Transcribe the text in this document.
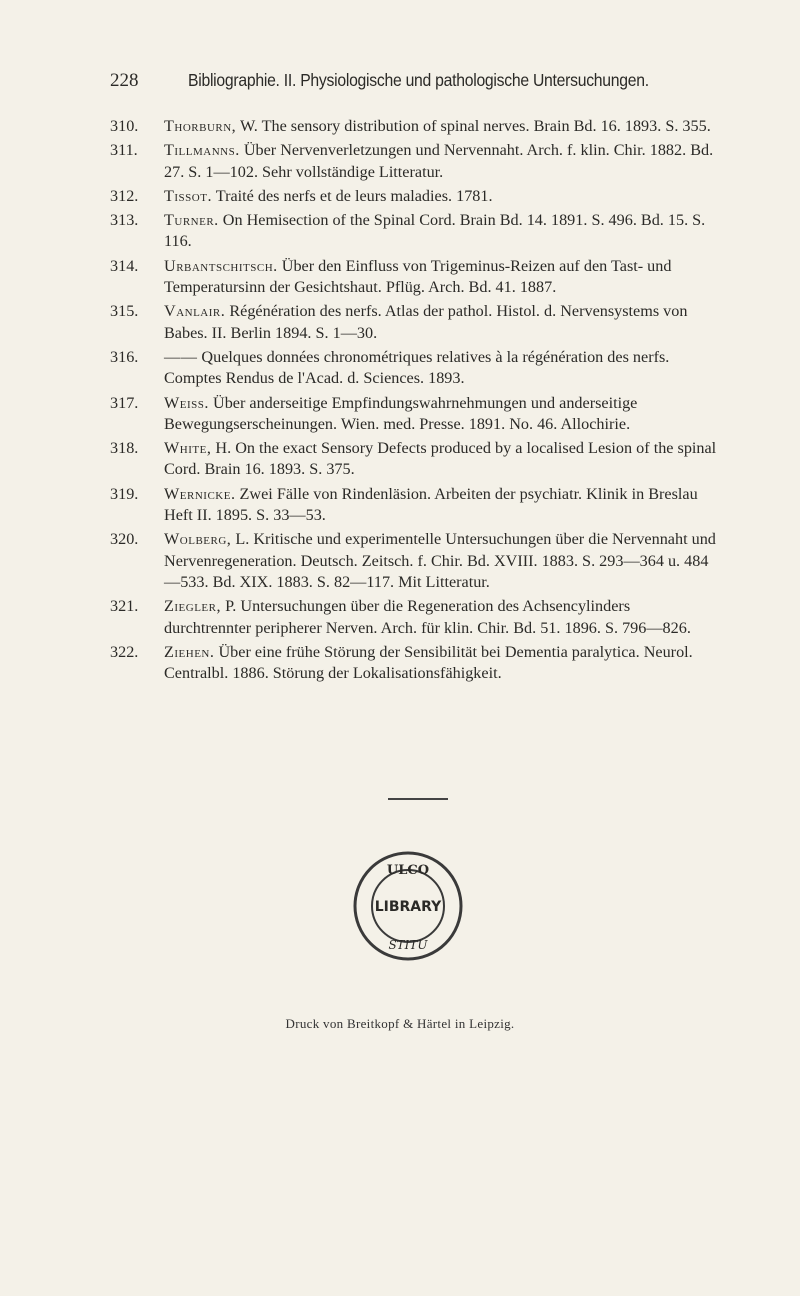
228	Bibliographie. II. Physiologische und pathologische Untersuchungen.
310.	Thorburn, W. The sensory distribution of spinal nerves. Brain Bd. 16. 1893. S. 355.
311.	Tillmanns. Über Nervenverletzungen und Nervennaht. Arch. f. klin. Chir. 1882. Bd. 27. S. 1—102. Sehr vollständige Litteratur.
312.	Tissot. Traité des nerfs et de leurs maladies. 1781.
313.	Turner. On Hemisection of the Spinal Cord. Brain Bd. 14. 1891. S. 496. Bd. 15. S. 116.
314.	Urbantschitsch. Über den Einfluss von Trigeminus-Reizen auf den Tast- und Temperatursinn der Gesichtshaut. Pflüg. Arch. Bd. 41. 1887.
315.	Vanlair. Régénération des nerfs. Atlas der pathol. Histol. d. Nervensystems von Babes. II. Berlin 1894. S. 1—30.
316.	—— Quelques données chronométriques relatives à la régénération des nerfs. Comptes Rendus de l'Acad. d. Sciences. 1893.
317.	Weiss. Über anderseitige Empfindungswahrnehmungen und anderseitige Bewegungserscheinungen. Wien. med. Presse. 1891. No. 46. Allochirie.
318.	White, H. On the exact Sensory Defects produced by a localised Lesion of the spinal Cord. Brain 16. 1893. S. 375.
319.	Wernicke. Zwei Fälle von Rindenläsion. Arbeiten der psychiatr. Klinik in Breslau Heft II. 1895. S. 33—53.
320.	Wolberg, L. Kritische und experimentelle Untersuchungen über die Nervennaht und Nervenregeneration. Deutsch. Zeitsch. f. Chir. Bd. XVIII. 1883. S. 293—364 u. 484—533. Bd. XIX. 1883. S. 82—117. Mit Litteratur.
321.	Ziegler, P. Untersuchungen über die Regeneration des Achsencylinders durchtrennter peripherer Nerven. Arch. für klin. Chir. Bd. 51. 1896. S. 796—826.
322.	Ziehen. Über eine frühe Störung der Sensibilität bei Dementia paralytica. Neurol. Centralbl. 1886. Störung der Lokalisationsfähigkeit.
ULCO
LIBRARY
STITU
Druck von Breitkopf & Härtel in Leipzig.
